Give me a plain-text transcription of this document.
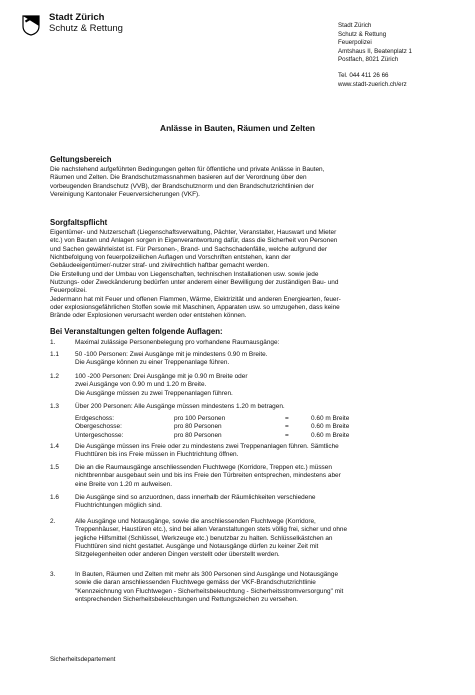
Stadt Zürich
Schutz & Rettung	Stadt Zürich
Schutz & Rettung
Feuerpolizei
Amtshaus II, Beatenplatz 1
Postfach, 8021 Zürich
Tel. 044 411 26 66
www.stadt-zuerich.ch/erz
Anlässe in Bauten, Räumen und Zelten
Geltungsbereich
Die nachstehend aufgeführten Bedingungen gelten für öffentliche und private Anlässe in Bauten,
Räumen und Zelten. Die Brandschutzmassnahmen basieren auf der Verordnung über den
vorbeugenden Brandschutz (VVB), der Brandschutznorm und den Brandschutzrichtlinien der
Vereinigung Kantonaler Feuerversicherungen (VKF).
Sorgfaltspflicht
Eigentümer- und Nutzerschaft (Liegenschaftsverwaltung, Pächter, Veranstalter, Hauswart und Mieter
etc.) von Bauten und Anlagen sorgen in Eigenverantwortung dafür, dass die Sicherheit von Personen
und Sachen gewährleistet ist. Für Personen-, Brand- und Sachschadenfälle, welche aufgrund der
Nichtbefolgung von feuerpolizeilichen Auflagen und Vorschriften entstehen, kann der
Gebäudeeigentümer/-nutzer straf- und zivilrechtlich haftbar gemacht werden.
Die Erstellung und der Umbau von Liegenschaften, technischen Installationen usw. sowie jede
Nutzungs- oder Zweckänderung bedürfen unter anderem einer Bewilligung der zuständigen Bau- und
Feuerpolizei.
Jedermann hat mit Feuer und offenen Flammen, Wärme, Elektrizität und anderen Energiearten, feuer-
oder explosionsgefährlichen Stoffen sowie mit Maschinen, Apparaten usw. so umzugehen, dass keine
Brände oder Explosionen verursacht werden oder entstehen können.
Bei Veranstaltungen gelten folgende Auflagen:
1.	Maximal zulässige Personenbelegung pro vorhandene Raumausgänge:
1.1 50 -100 Personen: Zwei Ausgänge mit je mindestens 0.90 m Breite.
Die Ausgänge können zu einer Treppenanlage führen.
1.2 100 -200 Personen: Drei Ausgänge mit je 0.90 m Breite oder
zwei Ausgänge von 0.90 m und 1.20 m Breite.
Die Ausgänge müssen zu zwei Treppenanlagen führen.
1.3 Über 200 Personen: Alle Ausgänge müssen mindestens 1.20 m betragen.
Erdgeschoss:	pro 100 Personen	=	0.60 m Breite
Obergeschosse:	pro 80 Personen	=	0.60 m Breite
Untergeschosse:	pro 80 Personen	=	0.60 m Breite
1.4 Die Ausgänge müssen ins Freie oder zu mindestens zwei Treppenanlagen führen. Sämtliche
Fluchttüren bis ins Freie müssen in Fluchtrichtung öffnen.
1.5 Die an die Raumausgänge anschliessenden Fluchtwege (Korridore, Treppen etc.) müssen
nichtbrennbar ausgebaut sein und bis ins Freie den Türbreiten entsprechen, mindestens aber
eine Breite von 1.20 m aufweisen.
1.6 Die Ausgänge sind so anzuordnen, dass innerhalb der Räumlichkeiten verschiedene
Fluchtrichtungen möglich sind.
2.	Alle Ausgänge und Notausgänge, sowie die anschliessenden Fluchtwege (Korridore,
Treppenhäuser, Haustüren etc.), sind bei allen Veranstaltungen stets völlig frei, sicher und ohne
jegliche Hilfsmittel (Schlüssel, Werkzeuge etc.) benutzbar zu halten. Schlüsselkästchen an
Fluchttüren sind nicht gestattet. Ausgänge und Notausgänge dürfen zu keiner Zeit mit
Sitzgelegenheiten oder anderen Dingen verstellt oder überstellt werden.
3.	In Bauten, Räumen und Zelten mit mehr als 300 Personen sind Ausgänge und Notausgänge
sowie die daran anschliessenden Fluchtwege gemäss der VKF-Brandschutzrichtlinie
"Kennzeichnung von Fluchtwegen - Sicherheitsbeleuchtung - Sicherheitsstromversorgung" mit
entsprechenden Sicherheitsbeleuchtungen und Rettungszeichen zu versehen.
Sicherheitsdepartement
